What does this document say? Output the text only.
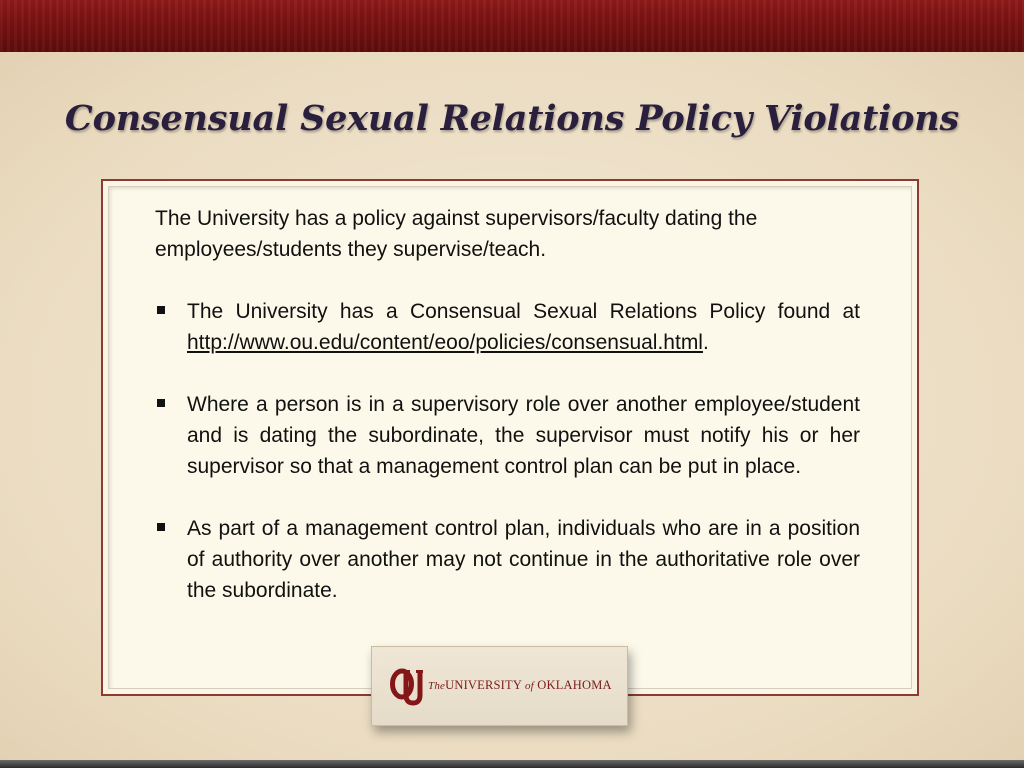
Consensual Sexual Relations Policy Violations

The University has a policy against supervisors/faculty dating the employees/students they supervise/teach.

The University has a Consensual Sexual Relations Policy found at http://www.ou.edu/content/eoo/policies/consensual.html.
Where a person is in a supervisory role over another employee/student and is dating the subordinate, the supervisor must notify his or her supervisor so that a management control plan can be put in place.
As part of a management control plan, individuals who are in a position of authority over another may not continue in the authoritative role over the subordinate.
TheUNIVERSITY of OKLAHOMA
